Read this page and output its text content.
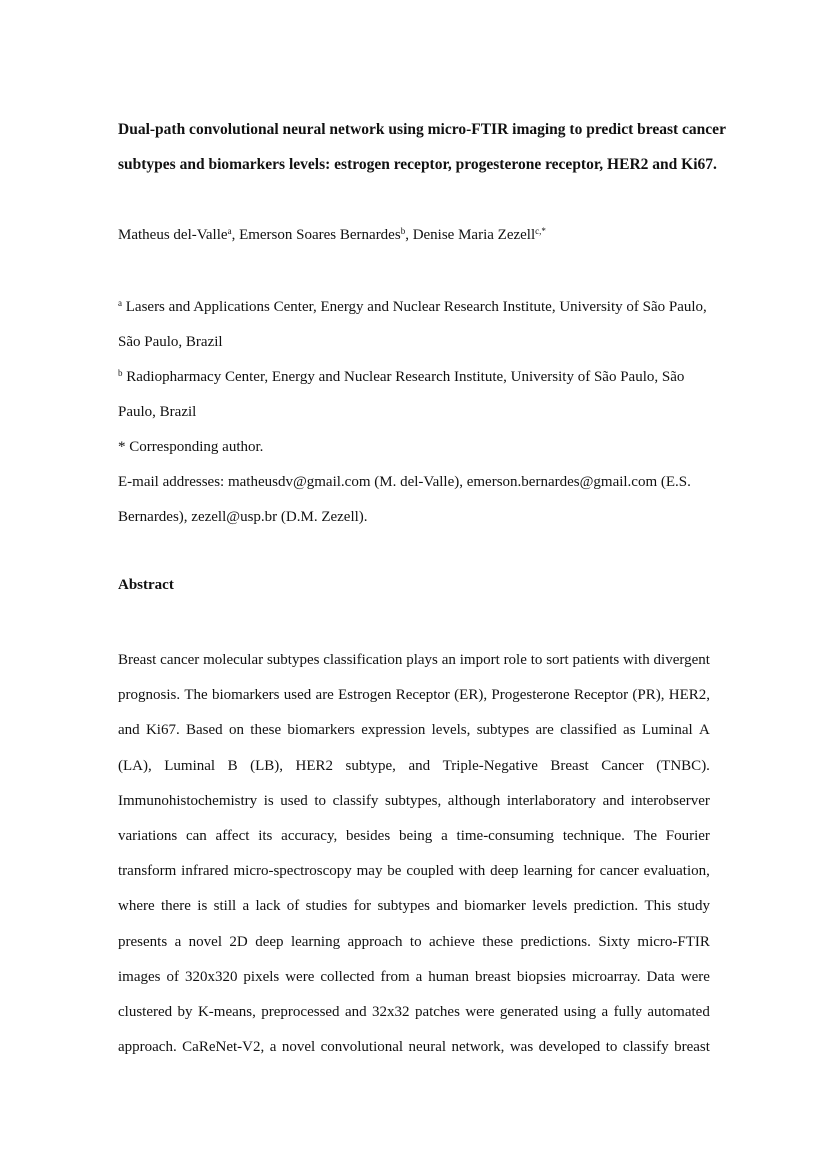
Dual-path convolutional neural network using micro-FTIR imaging to predict breast cancer
subtypes and biomarkers levels: estrogen receptor, progesterone receptor, HER2 and Ki67.
Matheus del-Valle$^a$, Emerson Soares Bernardes$^b$, Denise Maria Zezell$^{c,*}$

$^a$ Lasers and Applications Center, Energy and Nuclear Research Institute, University of São Paulo,
São Paulo, Brazil

$^b$ Radiopharmacy Center, Energy and Nuclear Research Institute, University of São Paulo, São
Paulo, Brazil

* Corresponding author.

E-mail addresses: matheusdv@gmail.com (M. del-Valle), emerson.bernardes@gmail.com (E.S.
Bernardes), zezell@usp.br (D.M. Zezell).

Abstract
Breast cancer molecular subtypes classification plays an import role to sort patients with divergent
prognosis. The biomarkers used are Estrogen Receptor (ER), Progesterone Receptor (PR), HER2,
and Ki67. Based on these biomarkers expression levels, subtypes are classified as Luminal A
(LA), Luminal B (LB), HER2 subtype, and Triple-Negative Breast Cancer (TNBC).
Immunohistochemistry is used to classify subtypes, although interlaboratory and interobserver
variations can affect its accuracy, besides being a time-consuming technique. The Fourier
transform infrared micro-spectroscopy may be coupled with deep learning for cancer evaluation,
where there is still a lack of studies for subtypes and biomarker levels prediction. This study
presents a novel 2D deep learning approach to achieve these predictions. Sixty micro-FTIR
images of 320x320 pixels were collected from a human breast biopsies microarray. Data were
clustered by K-means, preprocessed and 32x32 patches were generated using a fully automated
approach. CaReNet-V2, a novel convolutional neural network, was developed to classify breast
